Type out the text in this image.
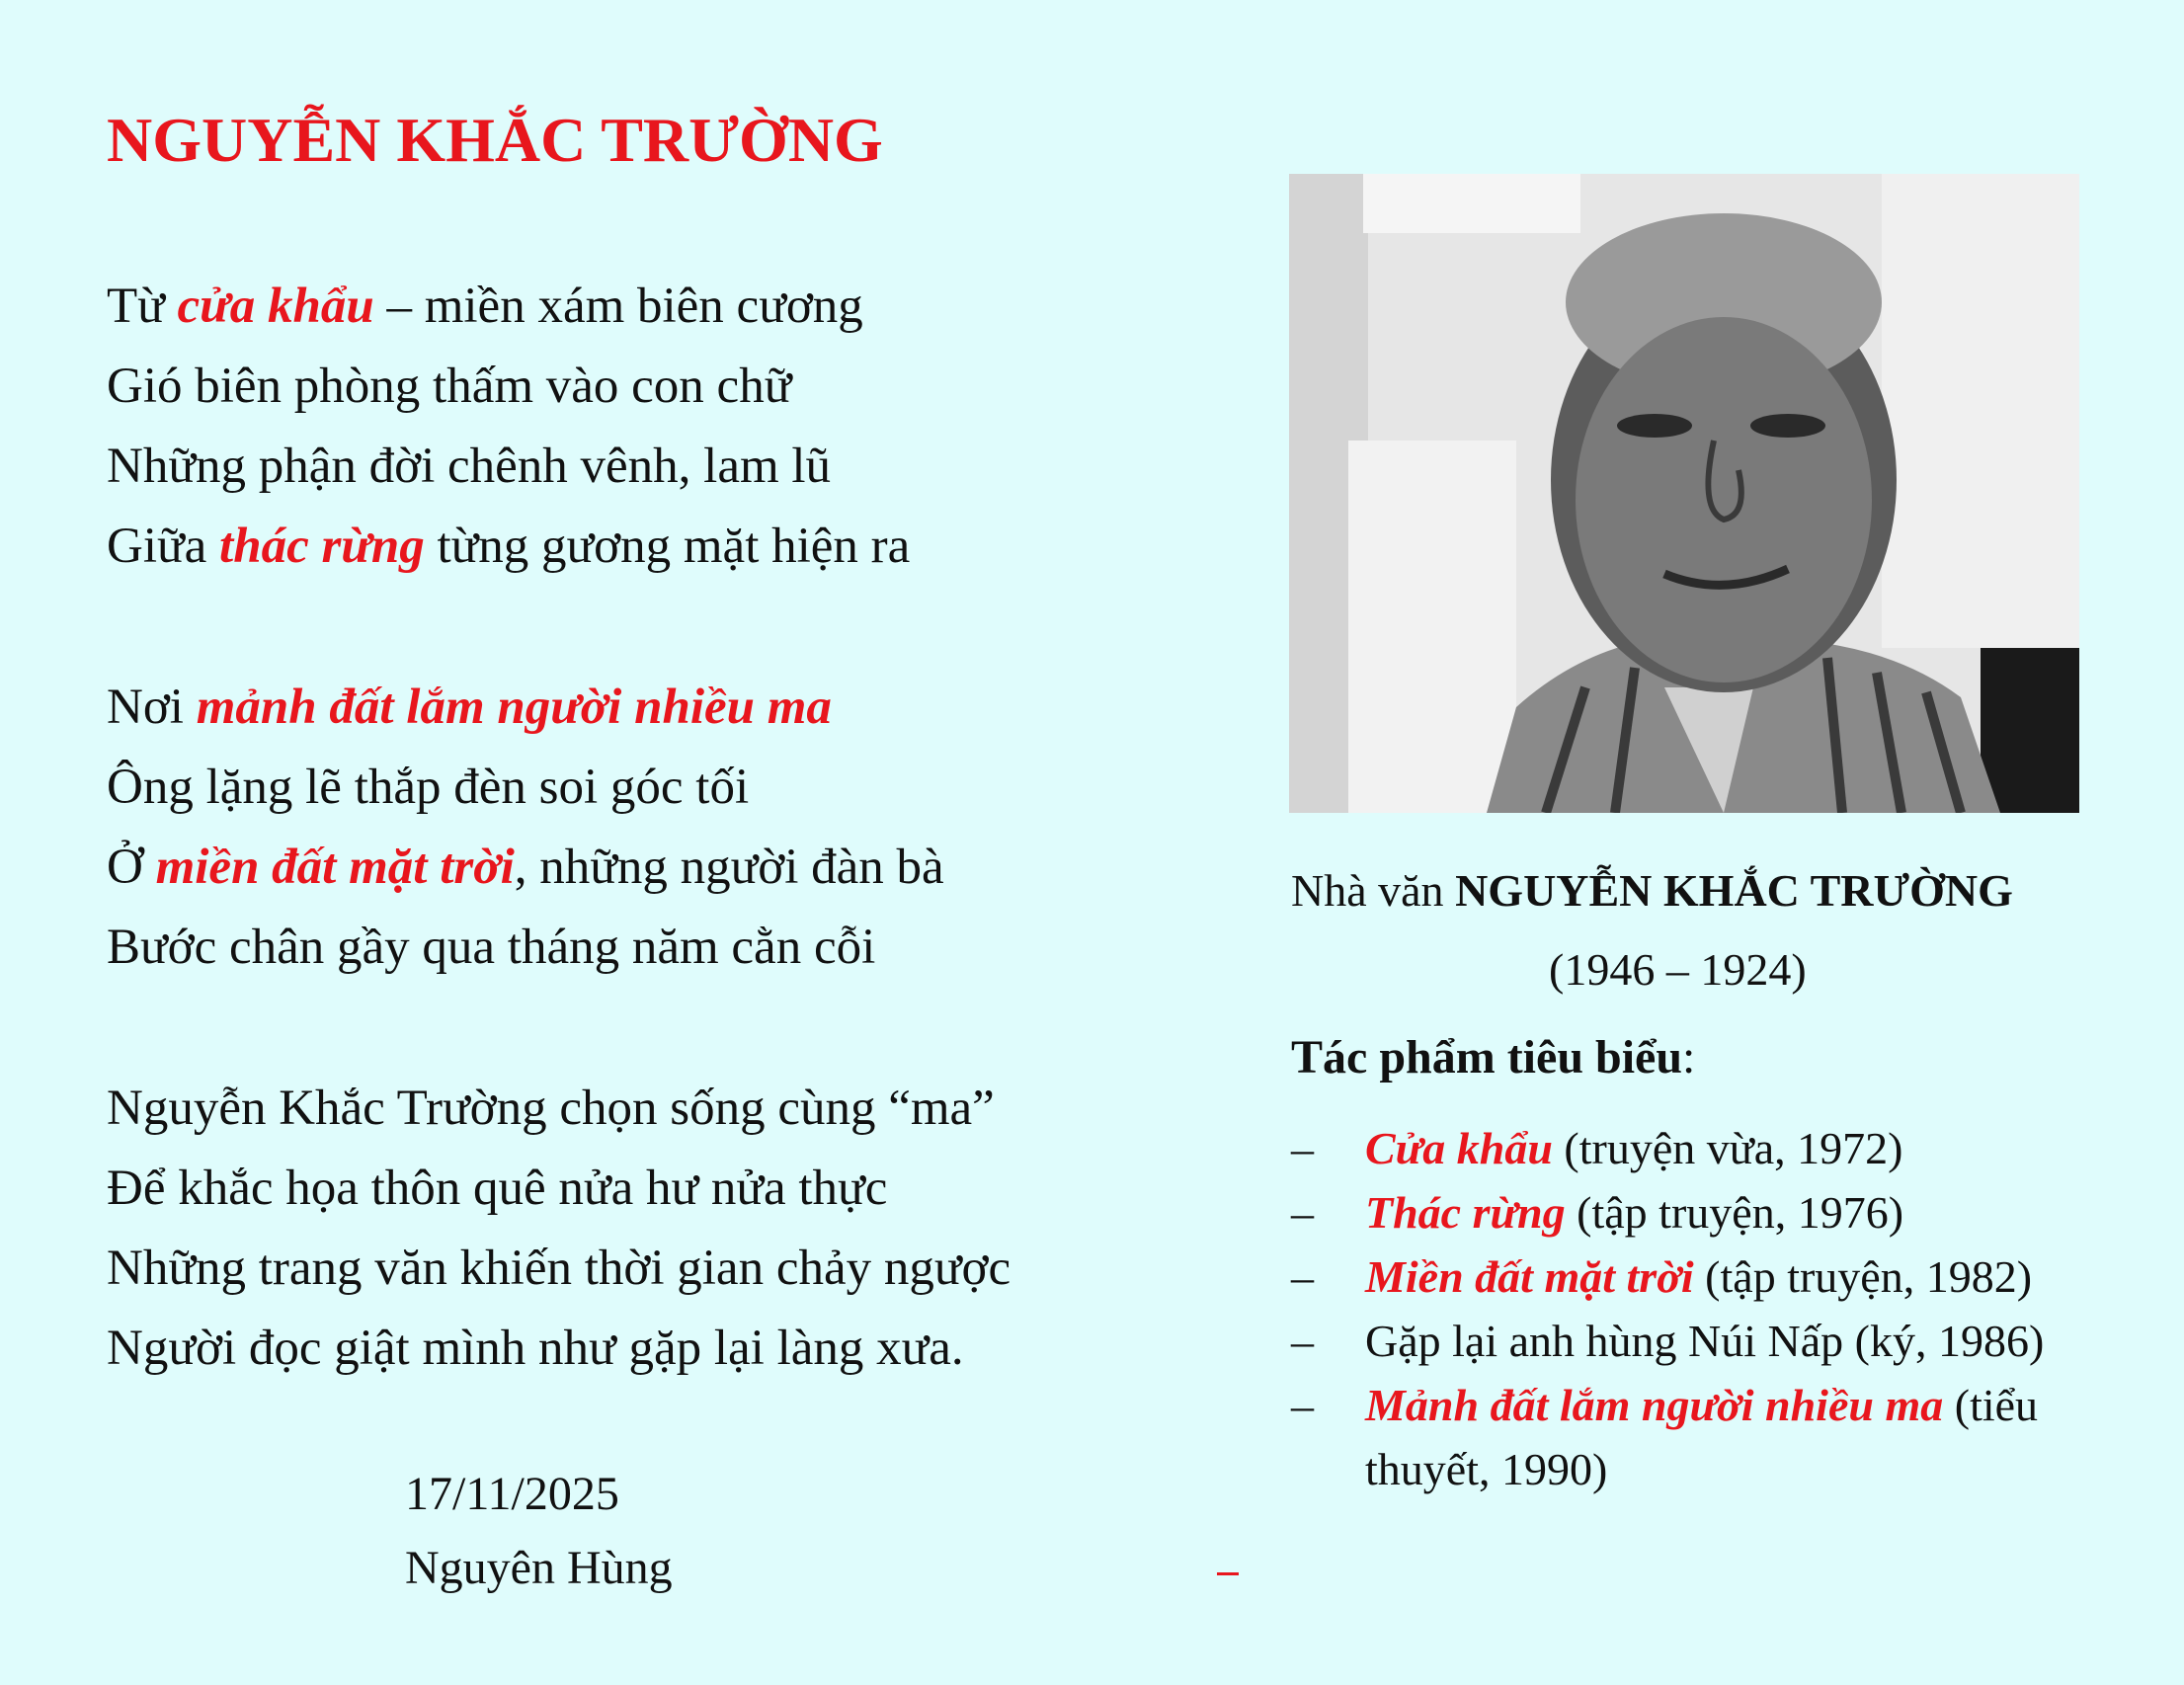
NGUYỄN KHẮC TRƯỜNG
Từ cửa khẩu – miền xám biên cương
Gió biên phòng thấm vào con chữ
Những phận đời chênh vênh, lam lũ
Giữa thác rừng từng gương mặt hiện ra
Nơi mảnh đất lắm người nhiều ma
Ông lặng lẽ thắp đèn soi góc tối
Ở miền đất mặt trời, những người đàn bà
Bước chân gầy qua tháng năm cằn cỗi
Nguyễn Khắc Trường chọn sống cùng “ma”
Để khắc họa thôn quê nửa hư nửa thực
Những trang văn khiến thời gian chảy ngược
Người đọc giật mình như gặp lại làng xưa.
17/11/2025
Nguyên Hùng
Nhà văn NGUYỄN KHẮC TRƯỜNG
(1946 – 1924)
Tác phẩm tiêu biểu:
– Cửa khẩu (truyện vừa, 1972)
– Thác rừng (tập truyện, 1976)
– Miền đất mặt trời (tập truyện, 1982)
– Gặp lại anh hùng Núi Nấp (ký, 1986)
– Mảnh đất lắm người nhiều ma (tiểu thuyết, 1990)
